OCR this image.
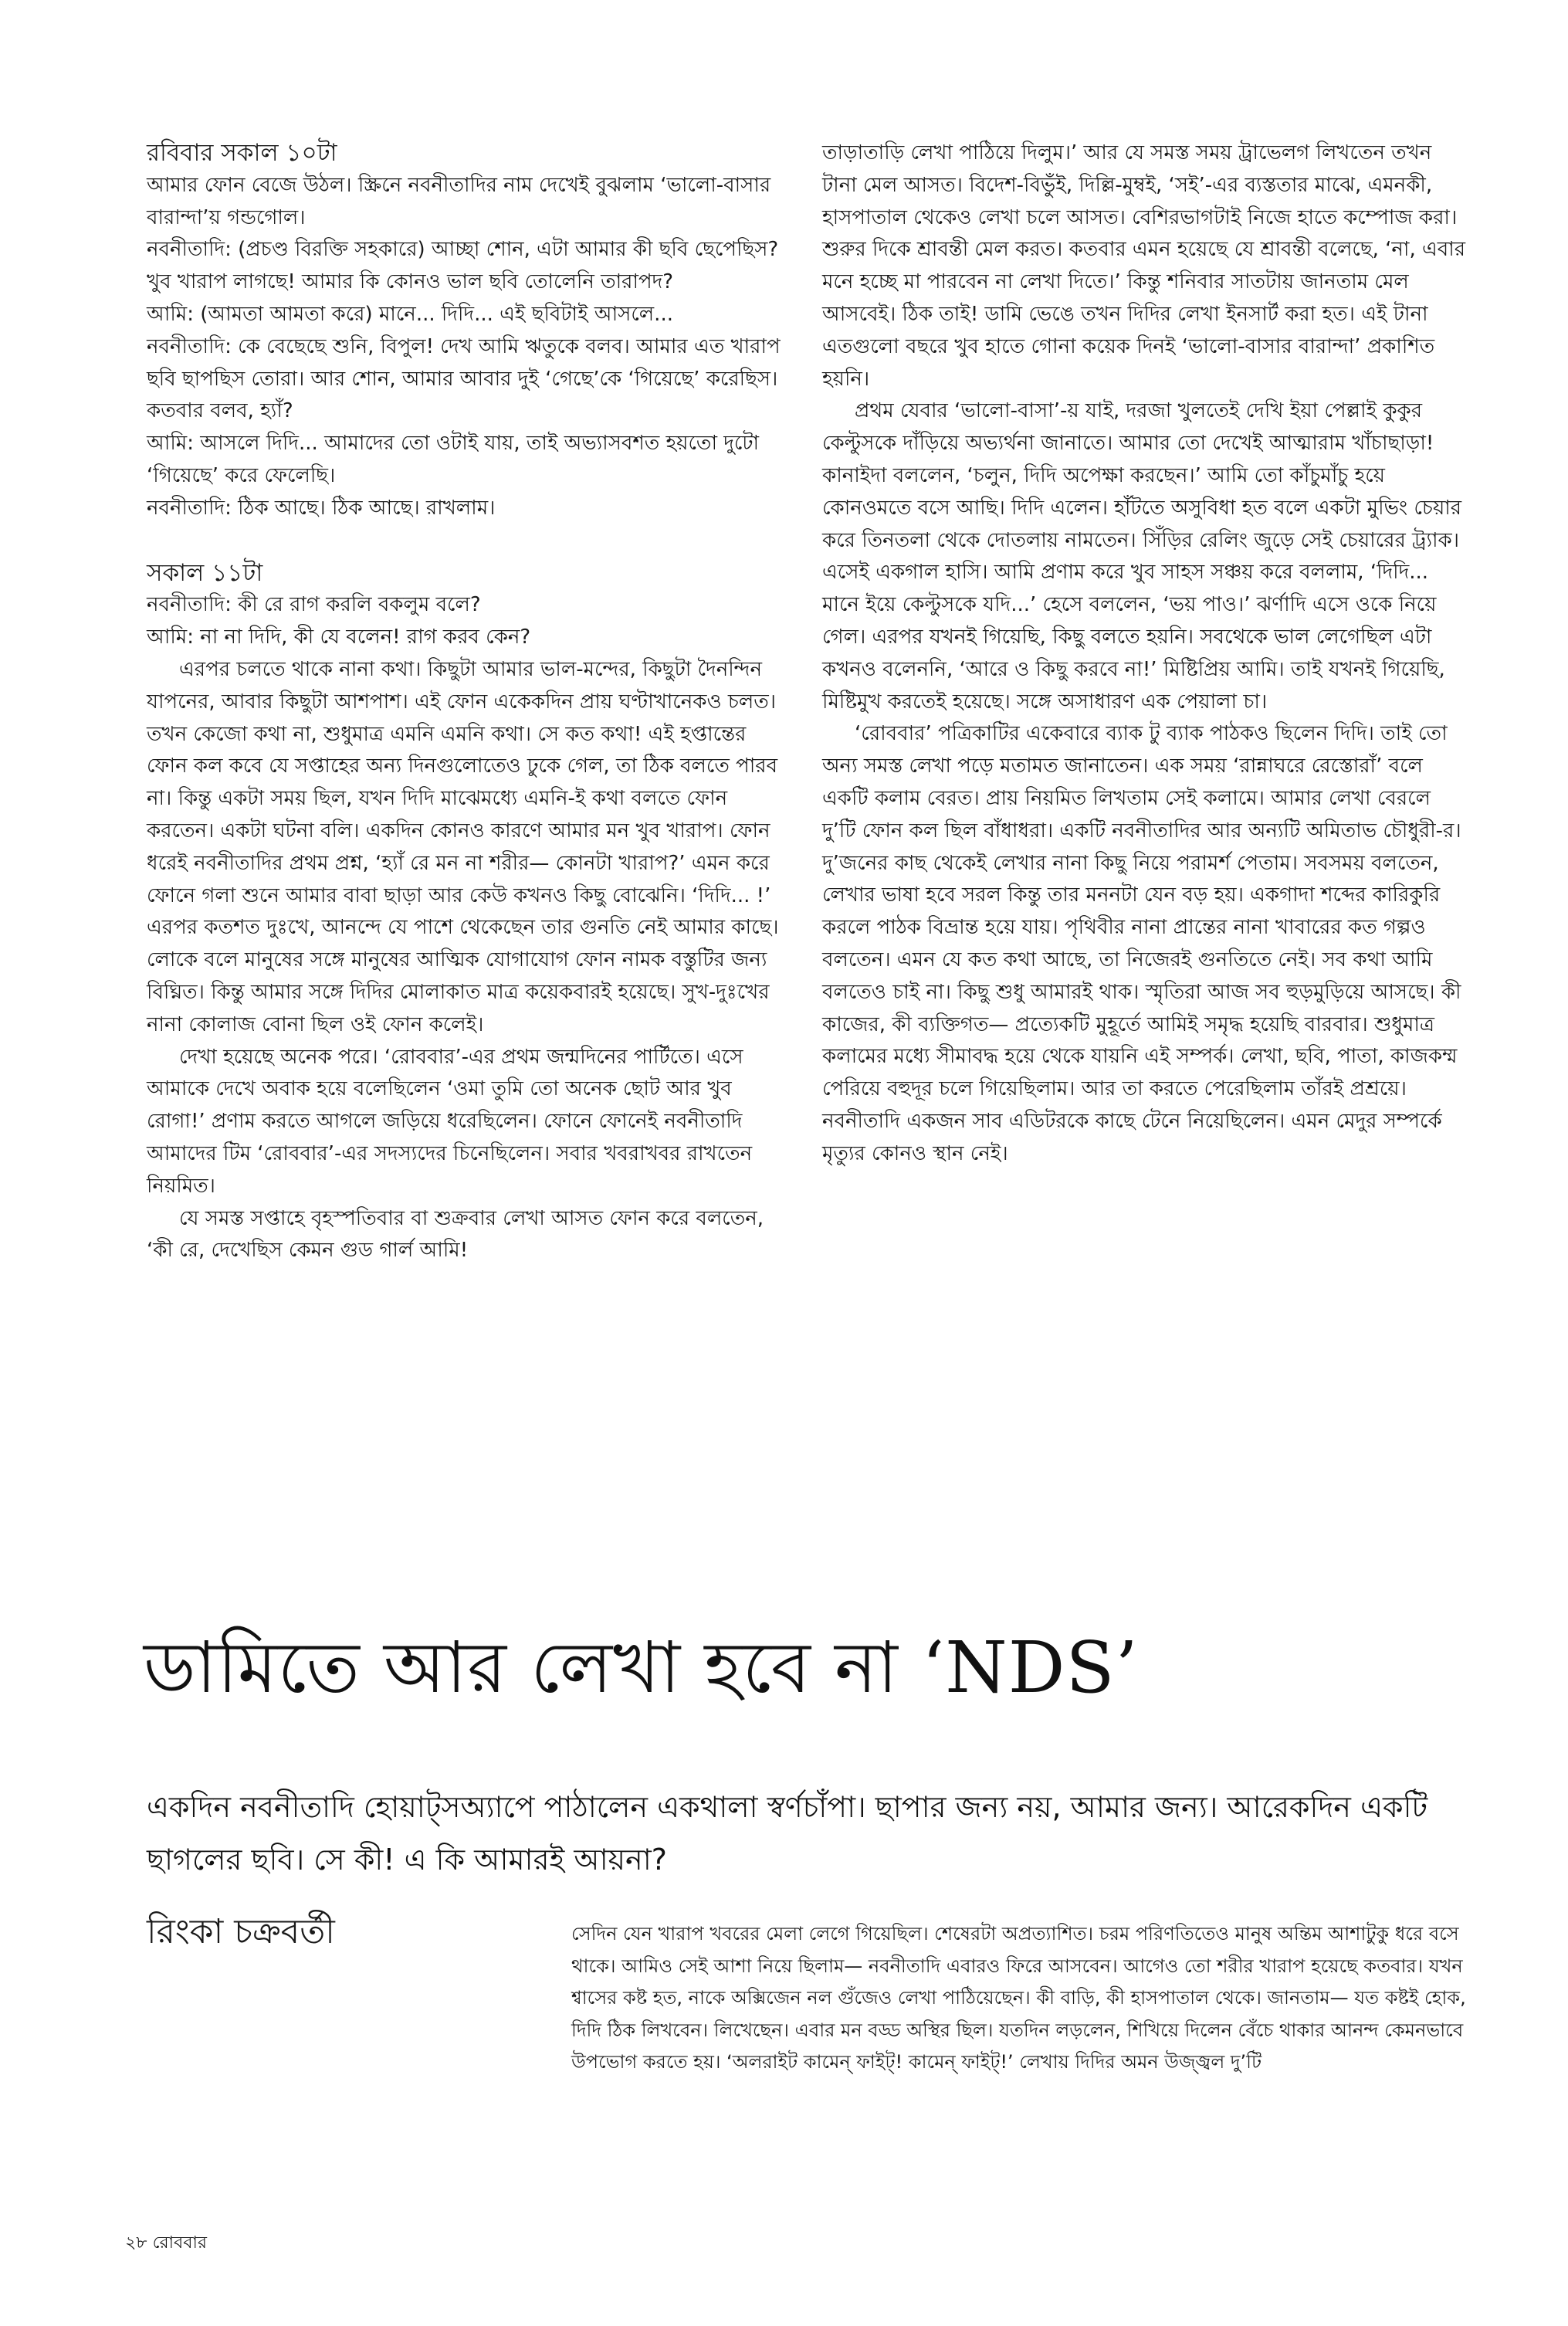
রবিবার সকাল ১০টা

আমার ফোন বেজে উঠল। স্ক্রিনে নবনীতাদির নাম দেখেই বুঝলাম ‘ভালো-বাসার বারান্দা’য় গন্ডগোল।

নবনীতাদি: (প্রচণ্ড বিরক্তি সহকারে) আচ্ছা শোন, এটা আমার কী ছবি ছেপেছিস? খুব খারাপ লাগছে! আমার কি কোনও ভাল ছবি তোলেনি তারাপদ?

আমি: (আমতা আমতা করে) মানে... দিদি... এই ছবিটাই আসলে...

নবনীতাদি: কে বেছেছে শুনি, বিপুল! দেখ আমি ঋতুকে বলব। আমার এত খারাপ ছবি ছাপছিস তোরা। আর শোন, আমার আবার দুই ‘গেছে’কে ‘গিয়েছে’ করেছিস। কতবার বলব, হ্যাঁ?

আমি: আসলে দিদি... আমাদের তো ওটাই যায়, তাই অভ্যাসবশত হয়তো দুটো ‘গিয়েছে’ করে ফেলেছি।

নবনীতাদি: ঠিক আছে। ঠিক আছে। রাখলাম।

সকাল ১১টা

নবনীতাদি: কী রে রাগ করলি বকলুম বলে?

আমি: না না দিদি, কী যে বলেন! রাগ করব কেন?

এরপর চলতে থাকে নানা কথা। কিছুটা আমার ভাল-মন্দের, কিছুটা দৈনন্দিন যাপনের, আবার কিছুটা আশপাশ। এই ফোন একেকদিন প্রায় ঘণ্টাখানেকও চলত। তখন কেজো কথা না, শুধুমাত্র এমনি এমনি কথা। সে কত কথা! এই হপ্তান্তের ফোন কল কবে যে সপ্তাহের অন্য দিনগুলোতেও ঢুকে গেল, তা ঠিক বলতে পারব না। কিন্তু একটা সময় ছিল, যখন দিদি মাঝেমধ্যে এমনি-ই কথা বলতে ফোন করতেন। একটা ঘটনা বলি। একদিন কোনও কারণে আমার মন খুব খারাপ। ফোন ধরেই নবনীতাদির প্রথম প্রশ্ন, ‘হ্যাঁ রে মন না শরীর— কোনটা খারাপ?’ এমন করে ফোনে গলা শুনে আমার বাবা ছাড়া আর কেউ কখনও কিছু বোঝেনি। ‘দিদি... !’ এরপর কতশত দুঃখে, আনন্দে যে পাশে থেকেছেন তার গুনতি নেই আমার কাছে। লোকে বলে মানুষের সঙ্গে মানুষের আত্মিক যোগাযোগ ফোন নামক বস্তুটির জন্য বিঘ্নিত। কিন্তু আমার সঙ্গে দিদির মোলাকাত মাত্র কয়েকবারই হয়েছে। সুখ-দুঃখের নানা কোলাজ বোনা ছিল ওই ফোন কলেই।

দেখা হয়েছে অনেক পরে। ‘রোববার’-এর প্রথম জন্মদিনের পার্টিতে। এসে আমাকে দেখে অবাক হয়ে বলেছিলেন ‘ওমা তুমি তো অনেক ছোট আর খুব রোগা!’ প্রণাম করতে আগলে জড়িয়ে ধরেছিলেন। ফোনে ফোনেই নবনীতাদি আমাদের টিম ‘রোববার’-এর সদস্যদের চিনেছিলেন। সবার খবরাখবর রাখতেন নিয়মিত।

যে সমস্ত সপ্তাহে বৃহস্পতিবার বা শুক্রবার লেখা আসত ফোন করে বলতেন, ‘কী রে, দেখেছিস কেমন গুড গার্ল আমি!

তাড়াতাড়ি লেখা পাঠিয়ে দিলুম।’ আর যে সমস্ত সময় ট্রাভেলগ লিখতেন তখন টানা মেল আসত। বিদেশ-বিভুঁই, দিল্লি-মুম্বই, ‘সই’-এর ব্যস্ততার মাঝে, এমনকী, হাসপাতাল থেকেও লেখা চলে আসত। বেশিরভাগটাই নিজে হাতে কম্পোজ করা। শুরুর দিকে শ্রাবন্তী মেল করত। কতবার এমন হয়েছে যে শ্রাবন্তী বলেছে, ‘না, এবার মনে হচ্ছে মা পারবেন না লেখা দিতে।’ কিন্তু শনিবার সাতটায় জানতাম মেল আসবেই। ঠিক তাই! ডামি ভেঙে তখন দিদির লেখা ইনসার্ট করা হত। এই টানা এতগুলো বছরে খুব হাতে গোনা কয়েক দিনই ‘ভালো-বাসার বারান্দা’ প্রকাশিত হয়নি।

প্রথম যেবার ‘ভালো-বাসা’-য় যাই, দরজা খুলতেই দেখি ইয়া পেল্লাই কুকুর কেল্টুসকে দাঁড়িয়ে অভ্যর্থনা জানাতে। আমার তো দেখেই আত্মারাম খাঁচাছাড়া! কানাইদা বললেন, ‘চলুন, দিদি অপেক্ষা করছেন।’ আমি তো কাঁচুমাঁচু হয়ে কোনওমতে বসে আছি। দিদি এলেন। হাঁটতে অসুবিধা হত বলে একটা মুভিং চেয়ার করে তিনতলা থেকে দোতলায় নামতেন। সিঁড়ির রেলিং জুড়ে সেই চেয়ারের ট্র্যাক। এসেই একগাল হাসি। আমি প্রণাম করে খুব সাহস সঞ্চয় করে বললাম, ‘দিদি... মানে ইয়ে কেল্টুসকে যদি...’ হেসে বললেন, ‘ভয় পাও।’ ঝর্ণাদি এসে ওকে নিয়ে গেল। এরপর যখনই গিয়েছি, কিছু বলতে হয়নি। সবথেকে ভাল লেগেছিল এটা কখনও বলেননি, ‘আরে ও কিছু করবে না!’ মিষ্টিপ্রিয় আমি। তাই যখনই গিয়েছি, মিষ্টিমুখ করতেই হয়েছে। সঙ্গে অসাধারণ এক পেয়ালা চা।

‘রোববার’ পত্রিকাটির একেবারে ব্যাক টু ব্যাক পাঠকও ছিলেন দিদি। তাই তো অন্য সমস্ত লেখা পড়ে মতামত জানাতেন। এক সময় ‘রান্নাঘরে রেস্তোরাঁ’ বলে একটি কলাম বেরত। প্রায় নিয়মিত লিখতাম সেই কলামে। আমার লেখা বেরলে দু’টি ফোন কল ছিল বাঁধাধরা। একটি নবনীতাদির আর অন্যটি অমিতাভ চৌধুরী-র। দু’জনের কাছ থেকেই লেখার নানা কিছু নিয়ে পরামর্শ পেতাম। সবসময় বলতেন, লেখার ভাষা হবে সরল কিন্তু তার মননটা যেন বড় হয়। একগাদা শব্দের কারিকুরি করলে পাঠক বিভ্রান্ত হয়ে যায়। পৃথিবীর নানা প্রান্তের নানা খাবারের কত গল্পও বলতেন। এমন যে কত কথা আছে, তা নিজেরই গুনতিতে নেই। সব কথা আমি বলতেও চাই না। কিছু শুধু আমারই থাক। স্মৃতিরা আজ সব হুড়মুড়িয়ে আসছে। কী কাজের, কী ব্যক্তিগত— প্রত্যেকটি মুহূর্তে আমিই সমৃদ্ধ হয়েছি বারবার। শুধুমাত্র কলামের মধ্যে সীমাবদ্ধ হয়ে থেকে যায়নি এই সম্পর্ক। লেখা, ছবি, পাতা, কাজকম্ম পেরিয়ে বহুদূর চলে গিয়েছিলাম। আর তা করতে পেরেছিলাম তাঁরই প্রশ্রয়ে। নবনীতাদি একজন সাব এডিটরকে কাছে টেনে নিয়েছিলেন। এমন মেদুর সম্পর্কে মৃত্যুর কোনও স্থান নেই।

ডামিতে আর লেখা হবে না ‘NDS’

একদিন নবনীতাদি হোয়াট্‌সঅ্যাপে পাঠালেন একথালা স্বর্ণচাঁপা। ছাপার জন্য নয়, আমার জন্য। আরেকদিন একটি ছাগলের ছবি। সে কী! এ কি আমারই আয়না?

রিংকা চক্রবর্তী	সেদিন যেন খারাপ খবরের মেলা লেগে গিয়েছিল। শেষেরটা অপ্রত্যাশিত। চরম পরিণতিতেও মানুষ অন্তিম আশাটুকু ধরে বসে থাকে। আমিও সেই আশা নিয়ে ছিলাম— নবনীতাদি এবারও ফিরে আসবেন। আগেও তো শরীর খারাপ হয়েছে কতবার। যখন শ্বাসের কষ্ট হত, নাকে অক্সিজেন নল গুঁজেও লেখা পাঠিয়েছেন। কী বাড়ি, কী হাসপাতাল থেকে। জানতাম— যত কষ্টই হোক, দিদি ঠিক লিখবেন। লিখেছেন। এবার মন বড্ড অস্থির ছিল। যতদিন লড়লেন, শিখিয়ে দিলেন বেঁচে থাকার আনন্দ কেমনভাবে উপভোগ করতে হয়। ‘অলরাইট কামেন্‌ ফাইট্‌! কামেন্‌ ফাইট্‌!’ লেখায় দিদির অমন উজ্জ্বল দু’টি

২৮ রোববার
